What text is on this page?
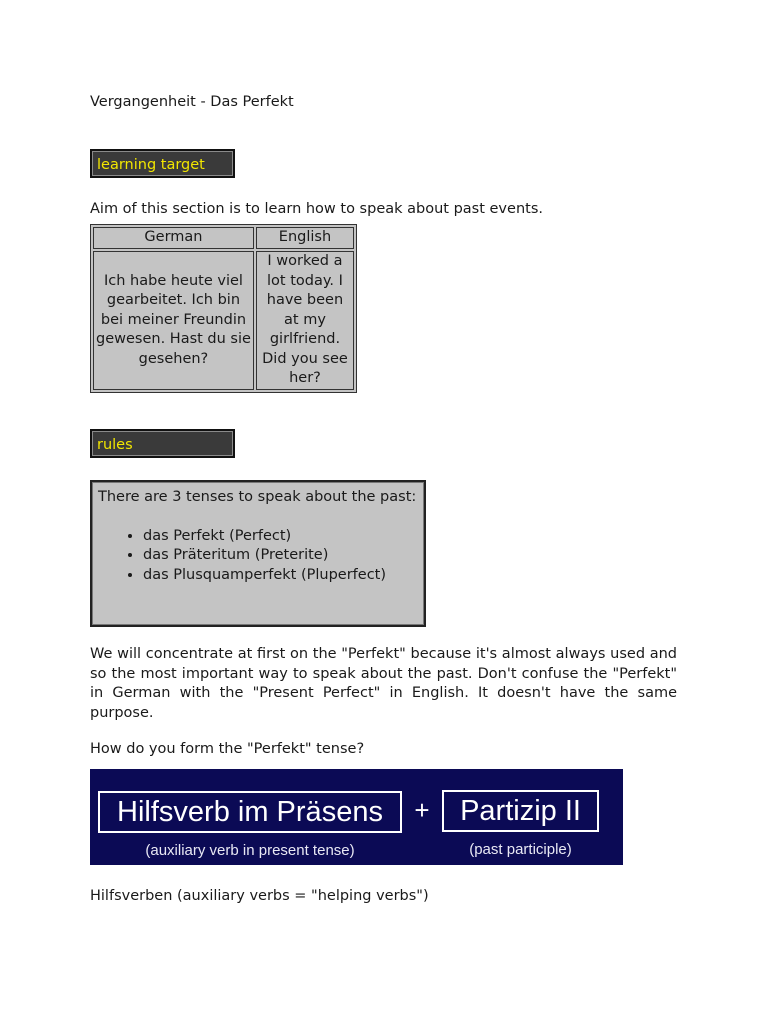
Vergangenheit - Das Perfekt
learning target
Aim of this section is to learn how to speak about past events.
German	English
Ich habe heute viel gearbeitet. Ich bin bei meiner Freundin gewesen. Hast du sie gesehen?	I worked a lot today. I have been at my girlfriend. Did you see her?
rules
There are 3 tenses to speak about the past:
• das Perfekt (Perfect)
• das Präteritum (Preterite)
• das Plusquamperfekt (Pluperfect)
We will concentrate at first on the "Perfekt" because it's almost always used and so the most important way to speak about the past. Don't confuse the "Perfekt" in German with the "Present Perfect" in English. It doesn't have the same purpose.
How do you form the "Perfekt" tense?
Hilfsverb im Präsens	+	Partizip II
(auxiliary verb in present tense)	(past participle)
Hilfsverben (auxiliary verbs = "helping verbs")
